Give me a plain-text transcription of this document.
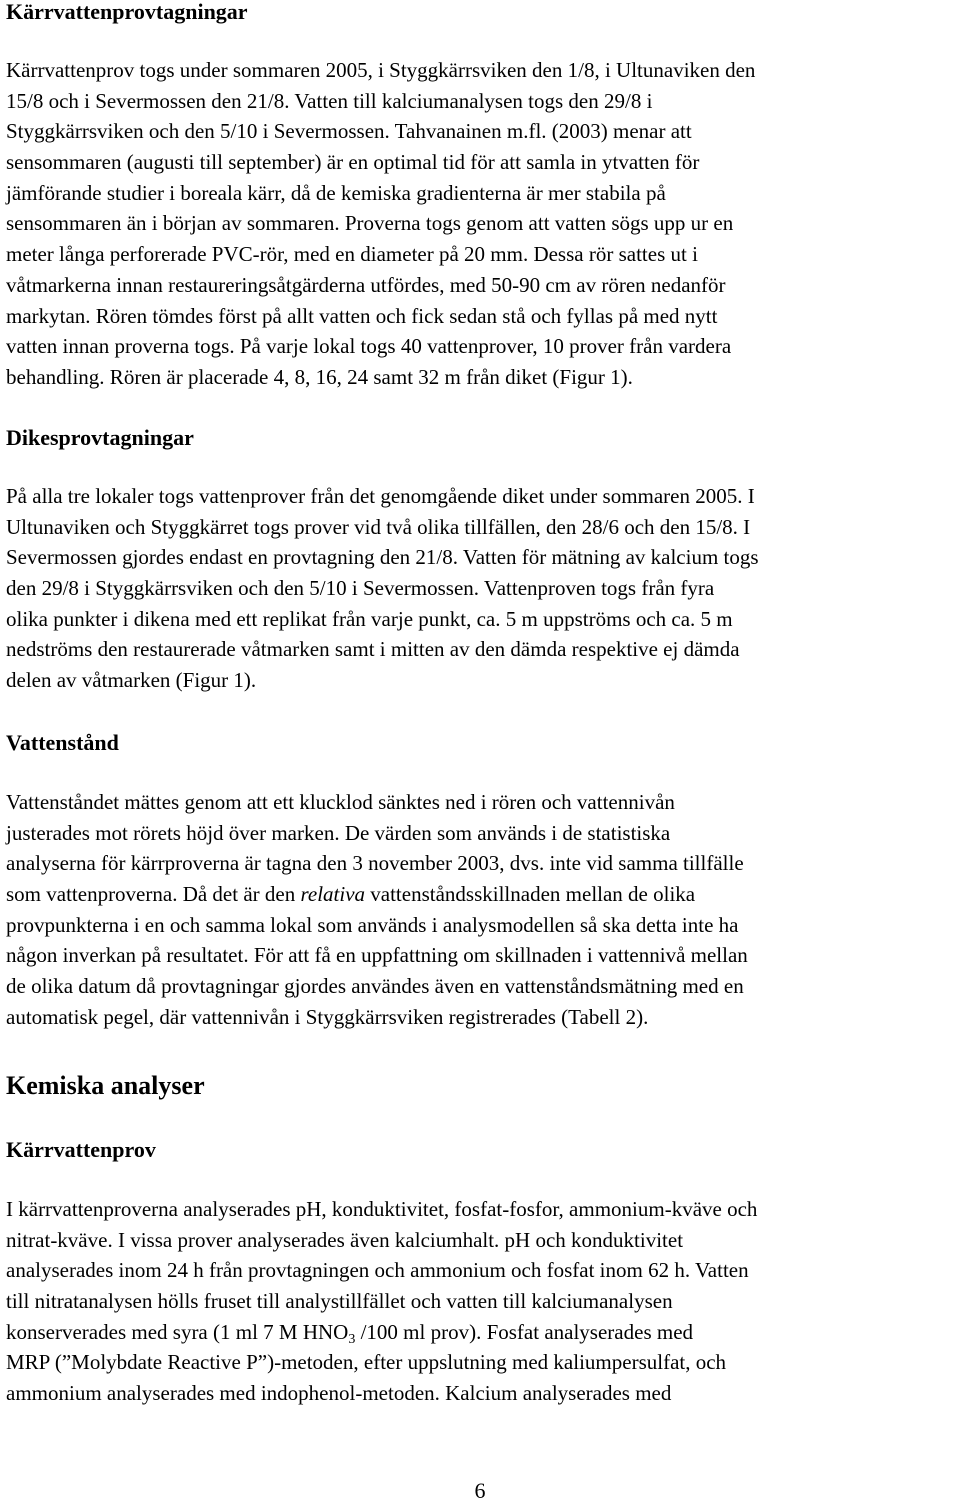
Kärrvattenprovtagningar
Kärrvattenprov togs under sommaren 2005, i Styggkärrsviken den 1/8, i Ultunaviken den
15/8 och i Severmossen den 21/8. Vatten till kalciumanalysen togs den 29/8 i
Styggkärrsviken och den 5/10 i Severmossen. Tahvanainen m.fl. (2003) menar att
sensommaren (augusti till september) är en optimal tid för att samla in ytvatten för
jämförande studier i boreala kärr, då de kemiska gradienterna är mer stabila på
sensommaren än i början av sommaren. Proverna togs genom att vatten sögs upp ur en
meter långa perforerade PVC-rör, med en diameter på 20 mm. Dessa rör sattes ut i
våtmarkerna innan restaureringsåtgärderna utfördes, med 50-90 cm av rören nedanför
markytan. Rören tömdes först på allt vatten och fick sedan stå och fyllas på med nytt
vatten innan proverna togs. På varje lokal togs 40 vattenprover, 10 prover från vardera
behandling. Rören är placerade 4, 8, 16, 24 samt 32 m från diket (Figur 1).
Dikesprovtagningar
På alla tre lokaler togs vattenprover från det genomgående diket under sommaren 2005. I
Ultunaviken och Styggkärret togs prover vid två olika tillfällen, den 28/6 och den 15/8. I
Severmossen gjordes endast en provtagning den 21/8. Vatten för mätning av kalcium togs
den 29/8 i Styggkärrsviken och den 5/10 i Severmossen. Vattenproven togs från fyra
olika punkter i dikena med ett replikat från varje punkt, ca. 5 m uppströms och ca. 5 m
nedströms den restaurerade våtmarken samt i mitten av den dämda respektive ej dämda
delen av våtmarken (Figur 1).
Vattenstånd
Vattenståndet mättes genom att ett klucklod sänktes ned i rören och vattennivån
justerades mot rörets höjd över marken. De värden som används i de statistiska
analyserna för kärrproverna är tagna den 3 november 2003, dvs. inte vid samma tillfälle
som vattenproverna. Då det är den relativa vattenståndsskillnaden mellan de olika
provpunkterna i en och samma lokal som används i analysmodellen så ska detta inte ha
någon inverkan på resultatet. För att få en uppfattning om skillnaden i vattennivå mellan
de olika datum då provtagningar gjordes användes även en vattenståndsmätning med en
automatisk pegel, där vattennivån i Styggkärrsviken registrerades (Tabell 2).
Kemiska analyser
Kärrvattenprov
I kärrvattenproverna analyserades pH, konduktivitet, fosfat-fosfor, ammonium-kväve och
nitrat-kväve. I vissa prover analyserades även kalciumhalt. pH och konduktivitet
analyserades inom 24 h från provtagningen och ammonium och fosfat inom 62 h. Vatten
till nitratanalysen hölls fruset till analystillfället och vatten till kalciumanalysen
konserverades med syra (1 ml 7 M $HNO_3$ /100 ml prov). Fosfat analyserades med
MRP (”Molybdate Reactive P”)-metoden, efter uppslutning med kaliumpersulfat, och
ammonium analyserades med indophenol-metoden. Kalcium analyserades med
6
